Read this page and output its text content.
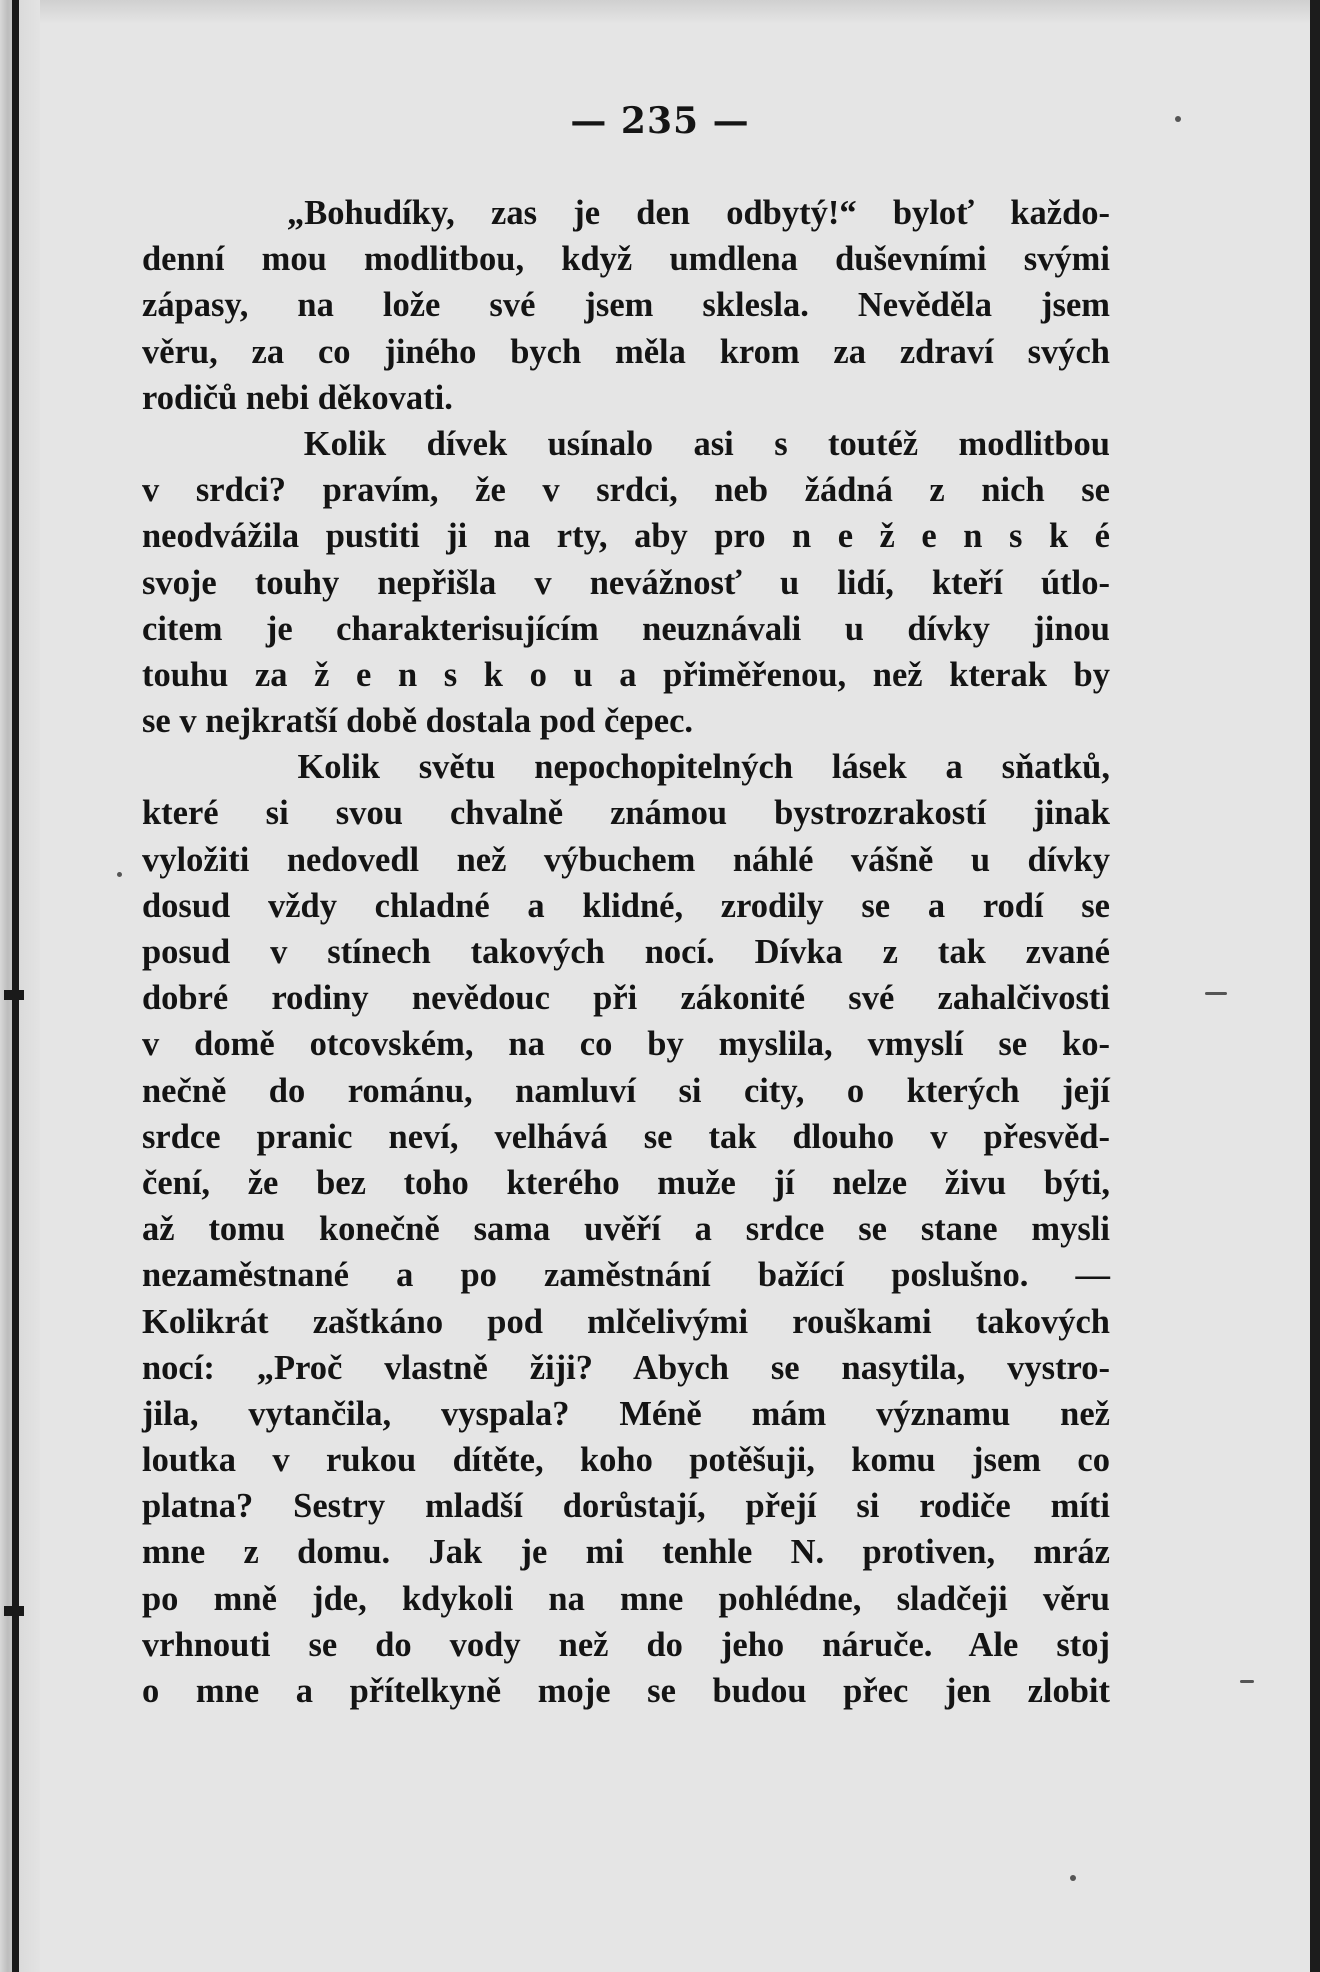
— 235 —
„Bohudíky, zas je den odbytý!“ byloť každo-
denní mou modlitbou, když umdlena duševními svými
zápasy, na lože své jsem sklesla. Nevěděla jsem
věru, za co jiného bych měla krom za zdraví svých
rodičů nebi děkovati.
Kolik dívek usínalo asi s toutéž modlitbou
v srdci? pravím, že v srdci, neb žádná z nich se
neodvážila pustiti ji na rty, aby pro n e ž e n s k é
svoje touhy nepřišla v nevážnosť u lidí, kteří útlo-
citem je charakterisujícím neuznávali u dívky jinou
touhu za ž e n s k o u a přiměřenou, než kterak by
se v nejkratší době dostala pod čepec.
Kolik světu nepochopitelných lásek a sňatků,
které si svou chvalně známou bystrozrakostí jinak
vyložiti nedovedl než výbuchem náhlé vášně u dívky
dosud vždy chladné a klidné, zrodily se a rodí se
posud v stínech takových nocí. Dívka z tak zvané
dobré rodiny nevědouc při zákonité své zahalčivosti
v domě otcovském, na co by myslila, vmyslí se ko-
nečně do románu, namluví si city, o kterých její
srdce pranic neví, velhává se tak dlouho v přesvěd-
čení, že bez toho kterého muže jí nelze živu býti,
až tomu konečně sama uvěří a srdce se stane mysli
nezaměstnané a po zaměstnání bažící poslušno. —
Kolikrát zaštkáno pod mlčelivými rouškami takových
nocí: „Proč vlastně žiji? Abych se nasytila, vystro-
jila, vytančila, vyspala? Méně mám významu než
loutka v rukou dítěte, koho potěšuji, komu jsem co
platna? Sestry mladší dorůstají, přejí si rodiče míti
mne z domu. Jak je mi tenhle N. protiven, mráz
po mně jde, kdykoli na mne pohlédne, sladčeji věru
vrhnouti se do vody než do jeho náruče. Ale stoj
o mne a přítelkyně moje se budou přec jen zlobit
